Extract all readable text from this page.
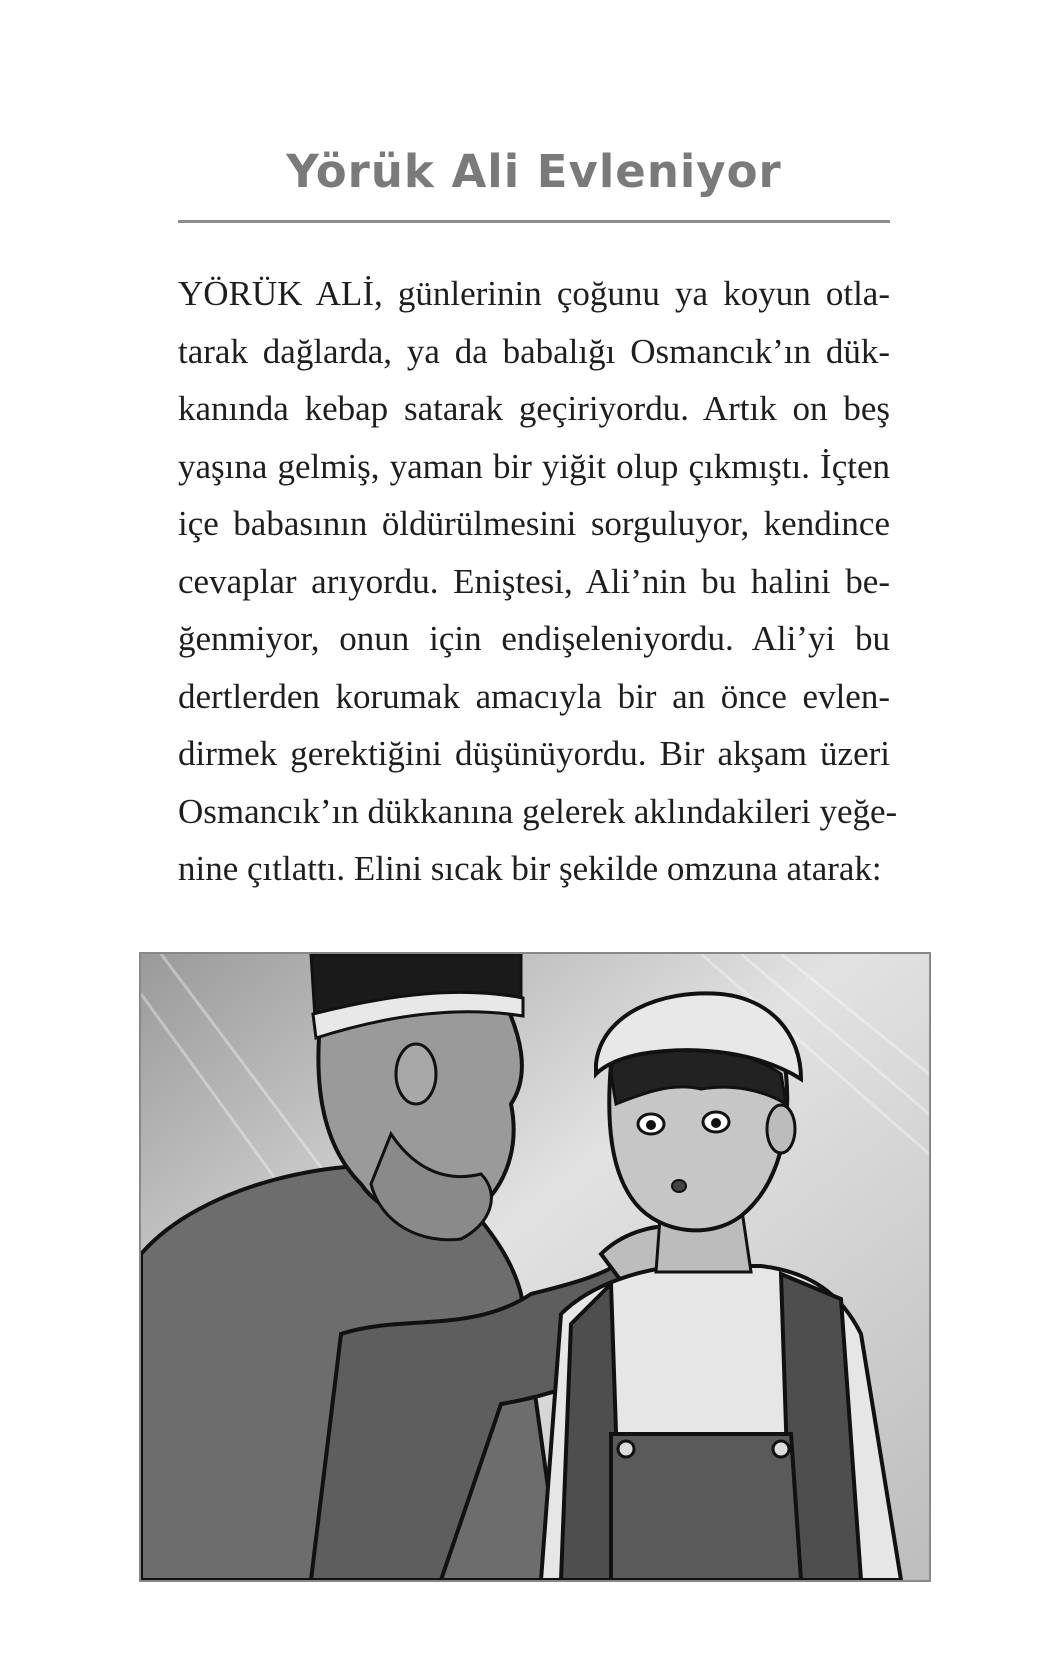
Yörük Ali Evleniyor

YÖRÜK ALİ, günlerinin çoğunu ya koyun otla-
tarak dağlarda, ya da babalığı Osmancık’ın dük-
kanında kebap satarak geçiriyordu. Artık on beş
yaşına gelmiş, yaman bir yiğit olup çıkmıştı. İçten
içe babasının öldürülmesini sorguluyor, kendince
cevaplar arıyordu. Eniştesi, Ali’nin bu halini be-
ğenmiyor, onun için endişeleniyordu. Ali’yi bu
dertlerden korumak amacıyla bir an önce evlen-
dirmek gerektiğini düşünüyordu. Bir akşam üzeri
Osmancık’ın dükkanına gelerek aklındakileri yeğe-
nine çıtlattı. Elini sıcak bir şekilde omzuna atarak:
